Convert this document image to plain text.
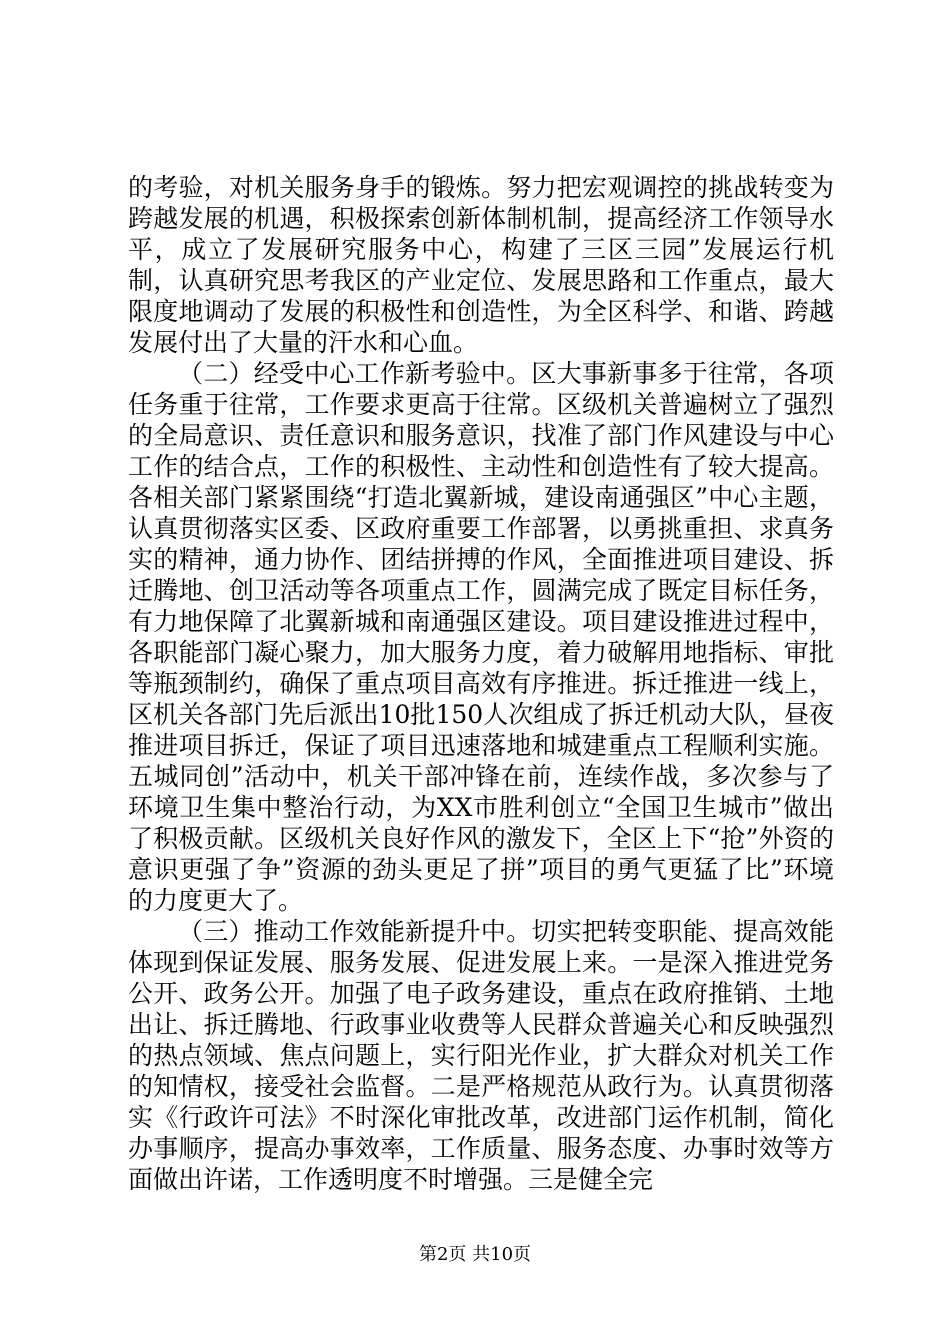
的考验，对机关服务身手的锻炼。努力把宏观调控的挑战转变为跨越发展的机遇，积极探索创新体制机制，提高经济工作领导水平，成立了发展研究服务中心，构建了三区三园”发展运行机制，认真研究思考我区的产业定位、发展思路和工作重点，最大限度地调动了发展的积极性和创造性，为全区科学、和谐、跨越发展付出了大量的汗水和心血。

（二）经受中心工作新考验中。区大事新事多于往常，各项任务重于往常，工作要求更高于往常。区级机关普遍树立了强烈的全局意识、责任意识和服务意识，找准了部门作风建设与中心工作的结合点，工作的积极性、主动性和创造性有了较大提高。各相关部门紧紧围绕“打造北翼新城，建设南通强区”中心主题，认真贯彻落实区委、区政府重要工作部署，以勇挑重担、求真务实的精神，通力协作、团结拼搏的作风，全面推进项目建设、拆迁腾地、创卫活动等各项重点工作，圆满完成了既定目标任务，有力地保障了北翼新城和南通强区建设。项目建设推进过程中，各职能部门凝心聚力，加大服务力度，着力破解用地指标、审批等瓶颈制约，确保了重点项目高效有序推进。拆迁推进一线上，区机关各部门先后派出10批150人次组成了拆迁机动大队，昼夜推进项目拆迁，保证了项目迅速落地和城建重点工程顺利实施。五城同创”活动中，机关干部冲锋在前，连续作战，多次参与了环境卫生集中整治行动，为XX市胜利创立“全国卫生城市”做出了积极贡献。区级机关良好作风的激发下，全区上下“抢”外资的意识更强了争”资源的劲头更足了拼”项目的勇气更猛了比”环境的力度更大了。

（三）推动工作效能新提升中。切实把转变职能、提高效能体现到保证发展、服务发展、促进发展上来。一是深入推进党务公开、政务公开。加强了电子政务建设，重点在政府推销、土地出让、拆迁腾地、行政事业收费等人民群众普遍关心和反映强烈的热点领域、焦点问题上，实行阳光作业，扩大群众对机关工作的知情权，接受社会监督。二是严格规范从政行为。认真贯彻落实《行政许可法》不时深化审批改革，改进部门运作机制，简化办事顺序，提高办事效率，工作质量、服务态度、办事时效等方面做出许诺，工作透明度不时增强。三是健全完

第2页 共10页
